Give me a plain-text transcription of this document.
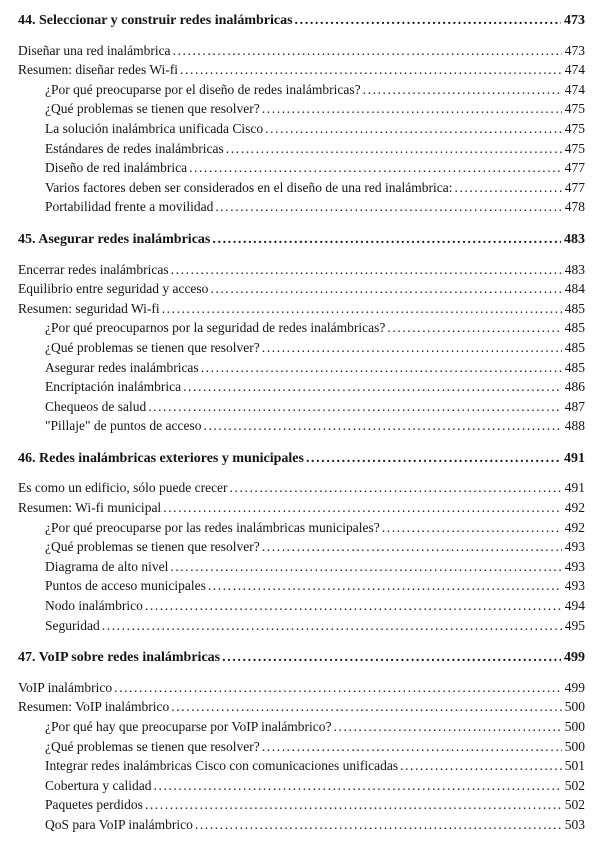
44. Seleccionar y construir redes inalámbricas .....	473
Diseñar una red inalámbrica .....	473
Resumen: diseñar redes Wi-fi .....	474
¿Por qué preocuparse por el diseño de redes inalámbricas? .....	474
¿Qué problemas se tienen que resolver? .....	475
La solución inalámbrica unificada Cisco .....	475
Estándares de redes inalámbricas .....	475
Diseño de red inalámbrica .....	477
Varios factores deben ser considerados en el diseño de una red inalámbrica: .....	477
Portabilidad frente a movilidad .....	478
45. Asegurar redes inalámbricas .....	483
Encerrar redes inalámbricas .....	483
Equilibrio entre seguridad y acceso .....	484
Resumen: seguridad Wi-fi .....	485
¿Por qué preocuparnos por la seguridad de redes inalámbricas? .....	485
¿Qué problemas se tienen que resolver? .....	485
Asegurar redes inalámbricas .....	485
Encriptación inalámbrica .....	486
Chequeos de salud .....	487
"Pillaje" de puntos de acceso .....	488
46. Redes inalámbricas exteriores y municipales .....	491
Es como un edificio, sólo puede crecer .....	491
Resumen: Wi-fi municipal .....	492
¿Por qué preocuparse por las redes inalámbricas municipales? .....	492
¿Qué problemas se tienen que resolver? .....	493
Diagrama de alto nivel .....	493
Puntos de acceso municipales .....	493
Nodo inalámbrico .....	494
Seguridad .....	495
47. VoIP sobre redes inalámbricas .....	499
VoIP inalámbrico .....	499
Resumen: VoIP inalámbrico .....	500
¿Por qué hay que preocuparse por VoIP inalámbrico? .....	500
¿Qué problemas se tienen que resolver? .....	500
Integrar redes inalámbricas Cisco con comunicaciones unificadas .....	501
Cobertura y calidad .....	502
Paquetes perdidos .....	502
QoS para VoIP inalámbrico .....	503
